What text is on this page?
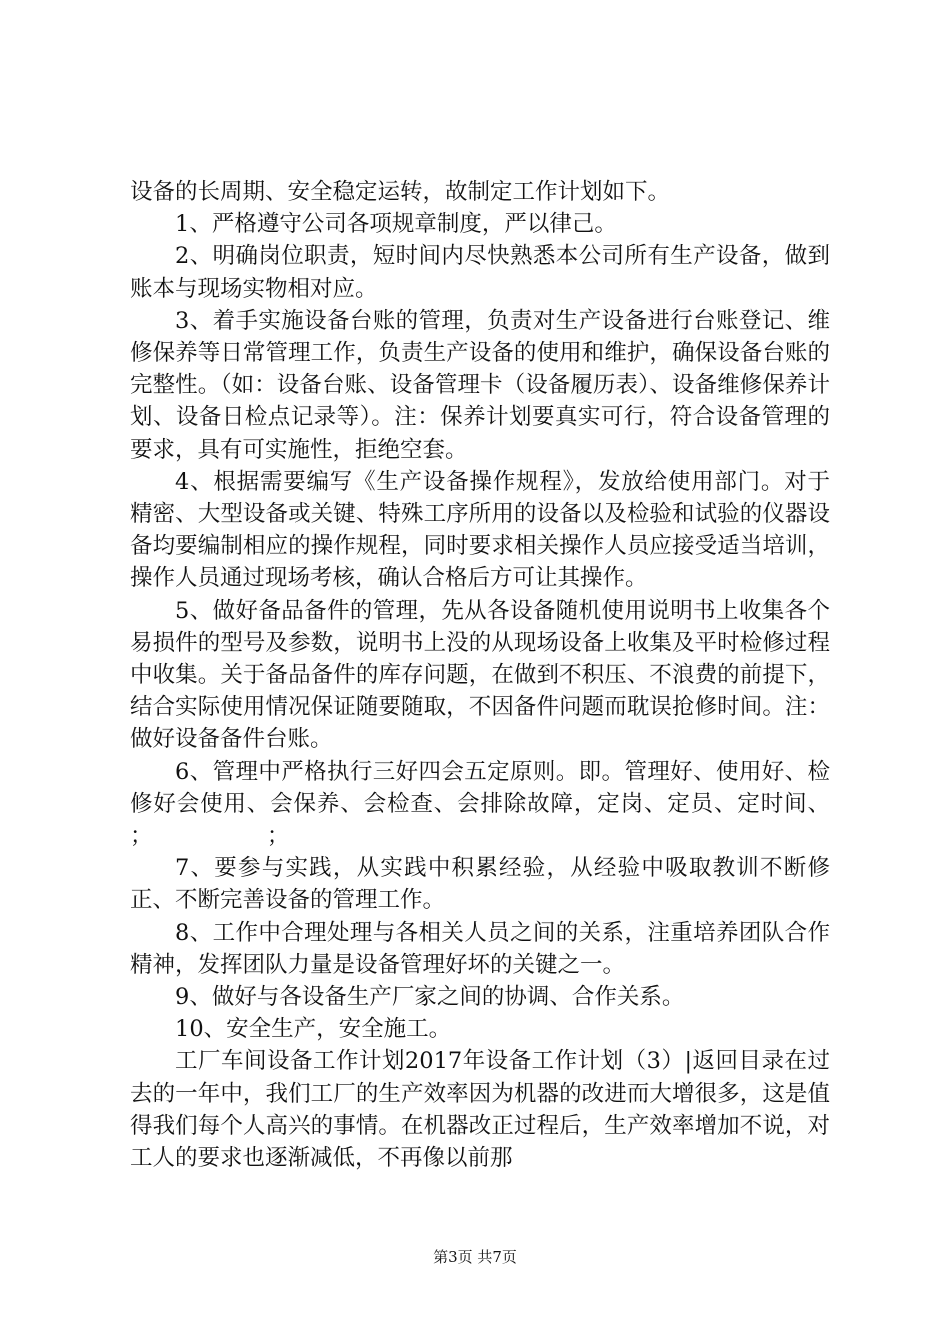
设备的长周期、安全稳定运转，故制定工作计划如下。

1、严格遵守公司各项规章制度，严以律己。

2、明确岗位职责，短时间内尽快熟悉本公司所有生产设备，做到账本与现场实物相对应。

3、着手实施设备台账的管理，负责对生产设备进行台账登记、维修保养等日常管理工作，负责生产设备的使用和维护，确保设备台账的完整性。（如：设备台账、设备管理卡（设备履历表）、设备维修保养计划、设备日检点记录等）。注：保养计划要真实可行，符合设备管理的要求，具有可实施性，拒绝空套。

4、根据需要编写《生产设备操作规程》，发放给使用部门。对于精密、大型设备或关键、特殊工序所用的设备以及检验和试验的仪器设备均要编制相应的操作规程，同时要求相关操作人员应接受适当培训，操作人员通过现场考核，确认合格后方可让其操作。

5、做好备品备件的管理，先从各设备随机使用说明书上收集各个易损件的型号及参数，说明书上没的从现场设备上收集及平时检修过程中收集。关于备品备件的库存问题，在做到不积压、不浪费的前提下，结合实际使用情况保证随要随取，不因备件问题而耽误抢修时间。注：做好设备备件台账。

6、管理中严格执行三好四会五定原则。即。管理好、使用好、检修好会使用、会保养、会检查、会排除故障，定岗、定员、定时间、                ；                ；

7、要参与实践，从实践中积累经验，从经验中吸取教训不断修正、不断完善设备的管理工作。

8、工作中合理处理与各相关人员之间的关系，注重培养团队合作精神，发挥团队力量是设备管理好坏的关键之一。

9、做好与各设备生产厂家之间的协调、合作关系。

10、安全生产，安全施工。

工厂车间设备工作计划2017年设备工作计划（3）|返回目录在过去的一年中，我们工厂的生产效率因为机器的改进而大增很多，这是值得我们每个人高兴的事情。在机器改正过程后，生产效率增加不说，对工人的要求也逐渐减低，不再像以前那

第3页 共7页
